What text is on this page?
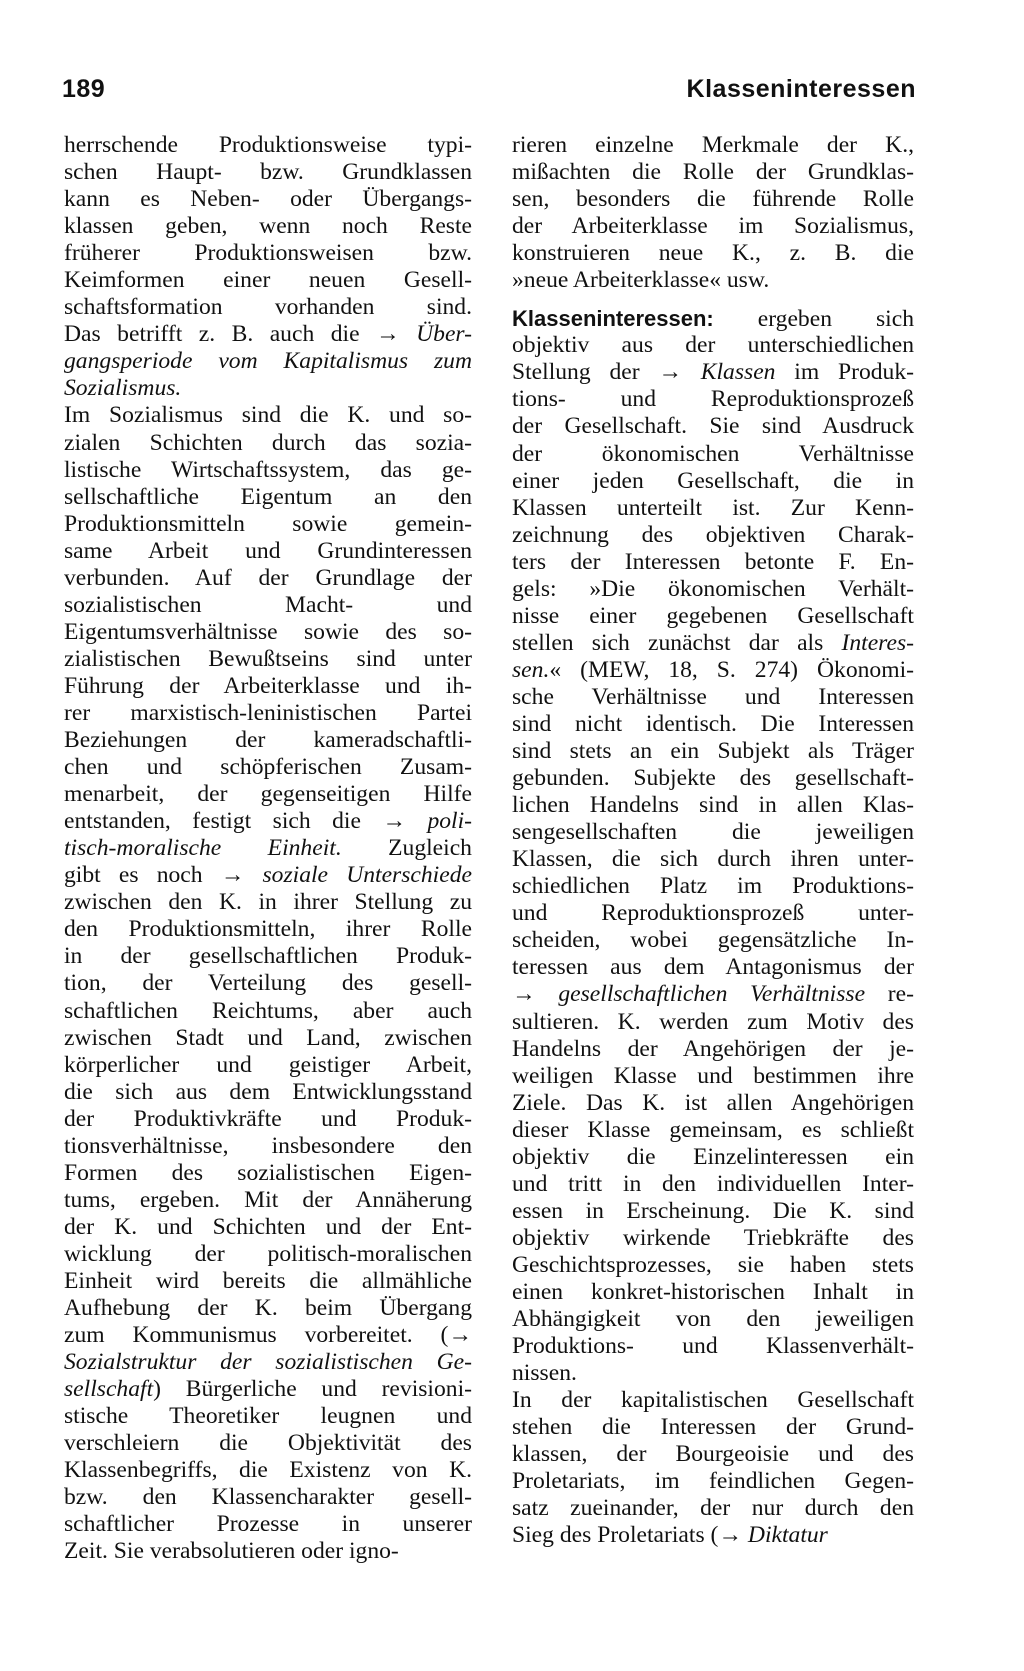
189	Klasseninteressen
herrschende Produktionsweise typi-
schen Haupt- bzw. Grundklassen
kann es Neben- oder Übergangs-
klassen geben, wenn noch Reste
früherer Produktionsweisen bzw.
Keimformen einer neuen Gesell-
schaftsformation vorhanden sind.
Das betrifft z. B. auch die → Über-
gangsperiode vom Kapitalismus zum
Sozialismus.
Im Sozialismus sind die K. und so-
zialen Schichten durch das sozia-
listische Wirtschaftssystem, das ge-
sellschaftliche Eigentum an den
Produktionsmitteln sowie gemein-
same Arbeit und Grundinteressen
verbunden. Auf der Grundlage der
sozialistischen Macht- und
Eigentumsverhältnisse sowie des so-
zialistischen Bewußtseins sind unter
Führung der Arbeiterklasse und ih-
rer marxistisch-leninistischen Partei
Beziehungen der kameradschaftli-
chen und schöpferischen Zusam-
menarbeit, der gegenseitigen Hilfe
entstanden, festigt sich die → poli-
tisch-moralische Einheit. Zugleich
gibt es noch → soziale Unterschiede
zwischen den K. in ihrer Stellung zu
den Produktionsmitteln, ihrer Rolle
in der gesellschaftlichen Produk-
tion, der Verteilung des gesell-
schaftlichen Reichtums, aber auch
zwischen Stadt und Land, zwischen
körperlicher und geistiger Arbeit,
die sich aus dem Entwicklungsstand
der Produktivkräfte und Produk-
tionsverhältnisse, insbesondere den
Formen des sozialistischen Eigen-
tums, ergeben. Mit der Annäherung
der K. und Schichten und der Ent-
wicklung der politisch-moralischen
Einheit wird bereits die allmähliche
Aufhebung der K. beim Übergang
zum Kommunismus vorbereitet. (→
Sozialstruktur der sozialistischen Ge-
sellschaft) Bürgerliche und revisioni-
stische Theoretiker leugnen und
verschleiern die Objektivität des
Klassenbegriffs, die Existenz von K.
bzw. den Klassencharakter gesell-
schaftlicher Prozesse in unserer
Zeit. Sie verabsolutieren oder igno-
rieren einzelne Merkmale der K.,
mißachten die Rolle der Grundklas-
sen, besonders die führende Rolle
der Arbeiterklasse im Sozialismus,
konstruieren neue K., z. B. die
»neue Arbeiterklasse« usw.
Klasseninteressen: ergeben sich
objektiv aus der unterschiedlichen
Stellung der → Klassen im Produk-
tions- und Reproduktionsprozeß
der Gesellschaft. Sie sind Ausdruck
der ökonomischen Verhältnisse
einer jeden Gesellschaft, die in
Klassen unterteilt ist. Zur Kenn-
zeichnung des objektiven Charak-
ters der Interessen betonte F. En-
gels: »Die ökonomischen Verhält-
nisse einer gegebenen Gesellschaft
stellen sich zunächst dar als Interes-
sen.« (MEW, 18, S. 274) Ökonomi-
sche Verhältnisse und Interessen
sind nicht identisch. Die Interessen
sind stets an ein Subjekt als Träger
gebunden. Subjekte des gesellschaft-
lichen Handelns sind in allen Klas-
sengesellschaften die jeweiligen
Klassen, die sich durch ihren unter-
schiedlichen Platz im Produktions-
und Reproduktionsprozeß unter-
scheiden, wobei gegensätzliche In-
teressen aus dem Antagonismus der
→ gesellschaftlichen Verhältnisse re-
sultieren. K. werden zum Motiv des
Handelns der Angehörigen der je-
weiligen Klasse und bestimmen ihre
Ziele. Das K. ist allen Angehörigen
dieser Klasse gemeinsam, es schließt
objektiv die Einzelinteressen ein
und tritt in den individuellen Inter-
essen in Erscheinung. Die K. sind
objektiv wirkende Triebkräfte des
Geschichtsprozesses, sie haben stets
einen konkret-historischen Inhalt in
Abhängigkeit von den jeweiligen
Produktions- und Klassenverhält-
nissen.
In der kapitalistischen Gesellschaft
stehen die Interessen der Grund-
klassen, der Bourgeoisie und des
Proletariats, im feindlichen Gegen-
satz zueinander, der nur durch den
Sieg des Proletariats (→ Diktatur
